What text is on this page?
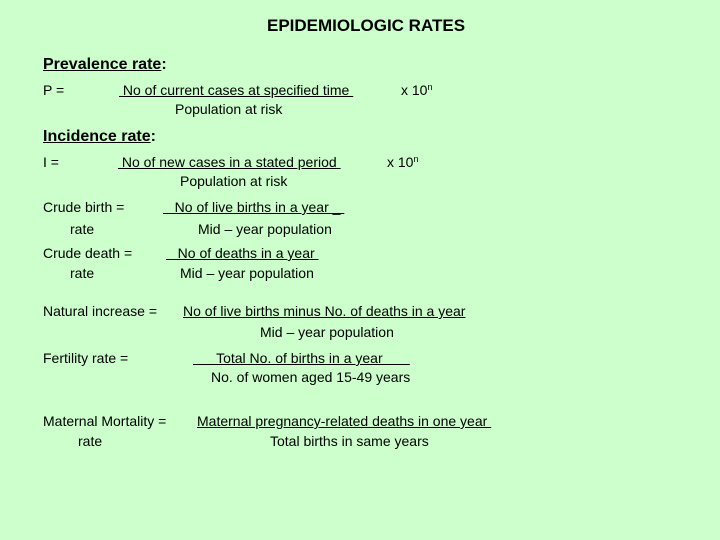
EPIDEMIOLOGIC RATES
Prevalence rate:
P =	No of current cases at specified time
Population at risk
x 10$^n$
Incidence rate:
I =	No of new cases in a stated period
Population at risk
x 10$^n$
Crude birth =
rate
No of live births in a year _
Mid – year population
Crude death =
rate
No of deaths in a year
Mid – year population
Natural increase = No of live births minus No. of deaths in a year
Mid – year population
Fertility rate =	Total No. of births in a year
No. of women aged 15-49 years
Maternal Mortality =
rate
Maternal pregnancy-related deaths in one year
Total births in same years
